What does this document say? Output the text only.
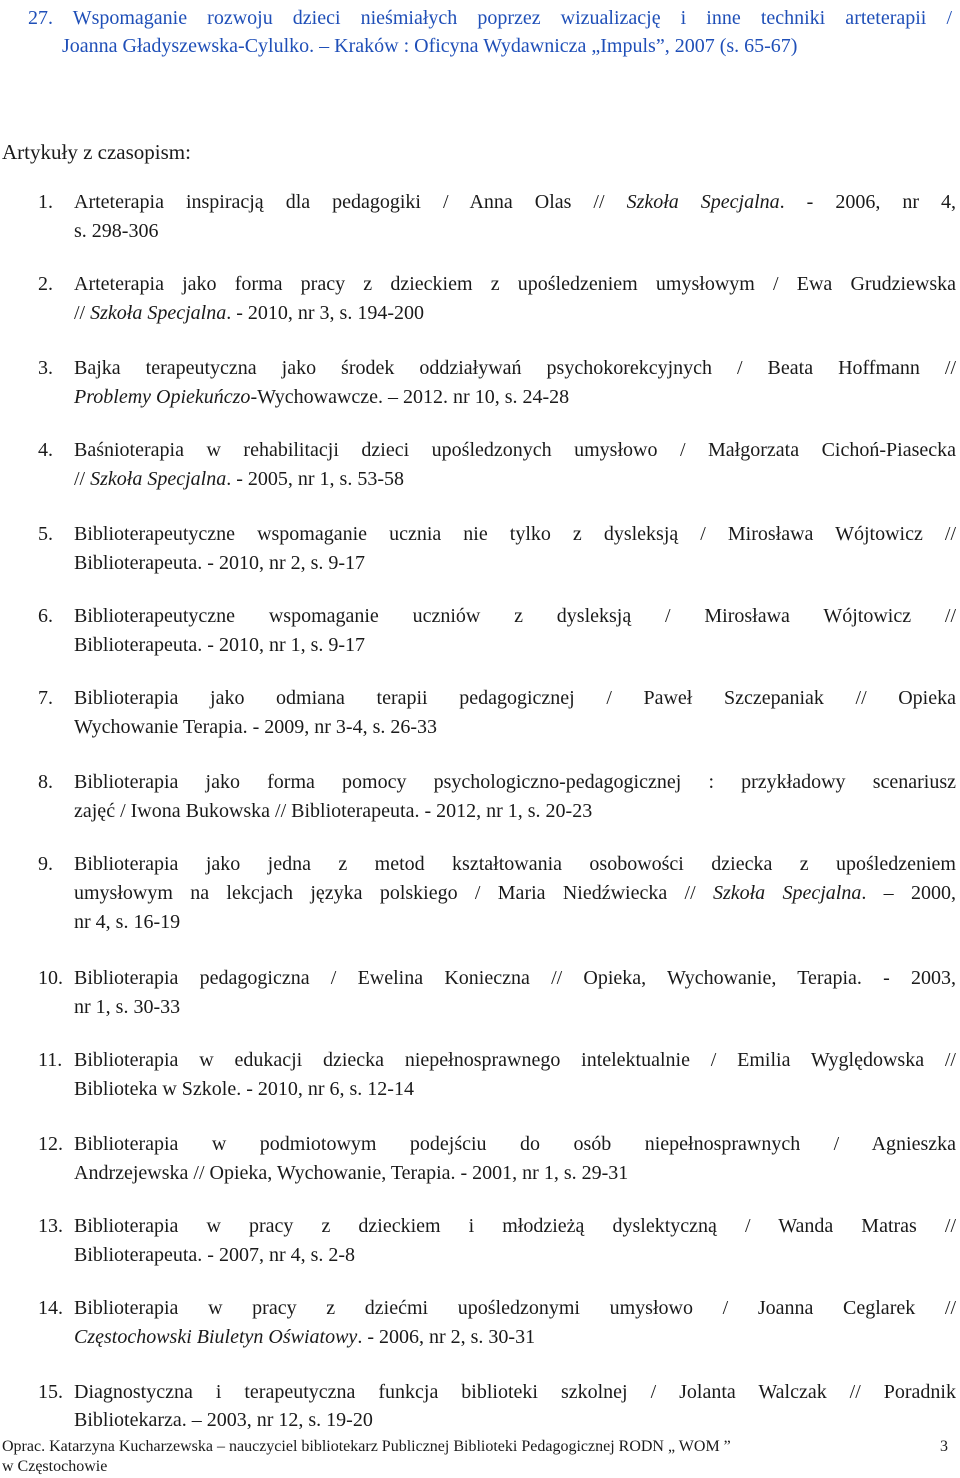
27. Wspomaganie rozwoju dzieci nieśmiałych poprzez wizualizację i inne techniki arteterapii /
Joanna Gładyszewska-Cylulko. – Kraków : Oficyna Wydawnicza „Impuls”, 2007 (s. 65-67)
Artykuły z czasopism:
1. Arteterapia inspiracją dla pedagogiki / Anna Olas // Szkoła Specjalna. - 2006, nr 4,
s. 298-306
2. Arteterapia jako forma pracy z dzieckiem z upośledzeniem umysłowym / Ewa Grudziewska
// Szkoła Specjalna. - 2010, nr 3, s. 194-200
3. Bajka terapeutyczna jako środek oddziaływań psychokorekcyjnych / Beata Hoffmann //
Problemy Opiekuńczo-Wychowawcze. – 2012. nr 10, s. 24-28
4. Baśnioterapia w rehabilitacji dzieci upośledzonych umysłowo / Małgorzata Cichoń-Piasecka
// Szkoła Specjalna. - 2005, nr 1, s. 53-58
5. Biblioterapeutyczne wspomaganie ucznia nie tylko z dysleksją / Mirosława Wójtowicz //
Biblioterapeuta. - 2010, nr 2, s. 9-17
6. Biblioterapeutyczne wspomaganie uczniów z dysleksją / Mirosława Wójtowicz //
Biblioterapeuta. - 2010, nr 1, s. 9-17
7. Biblioterapia jako odmiana terapii pedagogicznej / Paweł Szczepaniak // Opieka
Wychowanie Terapia. - 2009, nr 3-4, s. 26-33
8. Biblioterapia jako forma pomocy psychologiczno-pedagogicznej : przykładowy scenariusz
zajęć / Iwona Bukowska // Biblioterapeuta. - 2012, nr 1, s. 20-23
9. Biblioterapia jako jedna z metod kształtowania osobowości dziecka z upośledzeniem
umysłowym na lekcjach języka polskiego / Maria Niedźwiecka // Szkoła Specjalna. – 2000,
nr 4, s. 16-19
10. Biblioterapia pedagogiczna / Ewelina Konieczna // Opieka, Wychowanie, Terapia. - 2003,
nr 1, s. 30-33
11. Biblioterapia w edukacji dziecka niepełnosprawnego intelektualnie / Emilia Wyględowska //
Biblioteka w Szkole. - 2010, nr 6, s. 12-14
12. Biblioterapia w podmiotowym podejściu do osób niepełnosprawnych / Agnieszka
Andrzejewska // Opieka, Wychowanie, Terapia. - 2001, nr 1, s. 29-31
13. Biblioterapia w pracy z dzieckiem i młodzieżą dyslektyczną / Wanda Matras //
Biblioterapeuta. - 2007, nr 4, s. 2-8
14. Biblioterapia w pracy z dziećmi upośledzonymi umysłowo / Joanna Ceglarek //
Częstochowski Biuletyn Oświatowy. - 2006, nr 2, s. 30-31
15. Diagnostyczna i terapeutyczna funkcja biblioteki szkolnej / Jolanta Walczak // Poradnik
Bibliotekarza. – 2003, nr 12, s. 19-20
Oprac. Katarzyna Kucharzewska – nauczyciel bibliotekarz Publicznej Biblioteki Pedagogicznej RODN „ WOM ”	3
w Częstochowie
